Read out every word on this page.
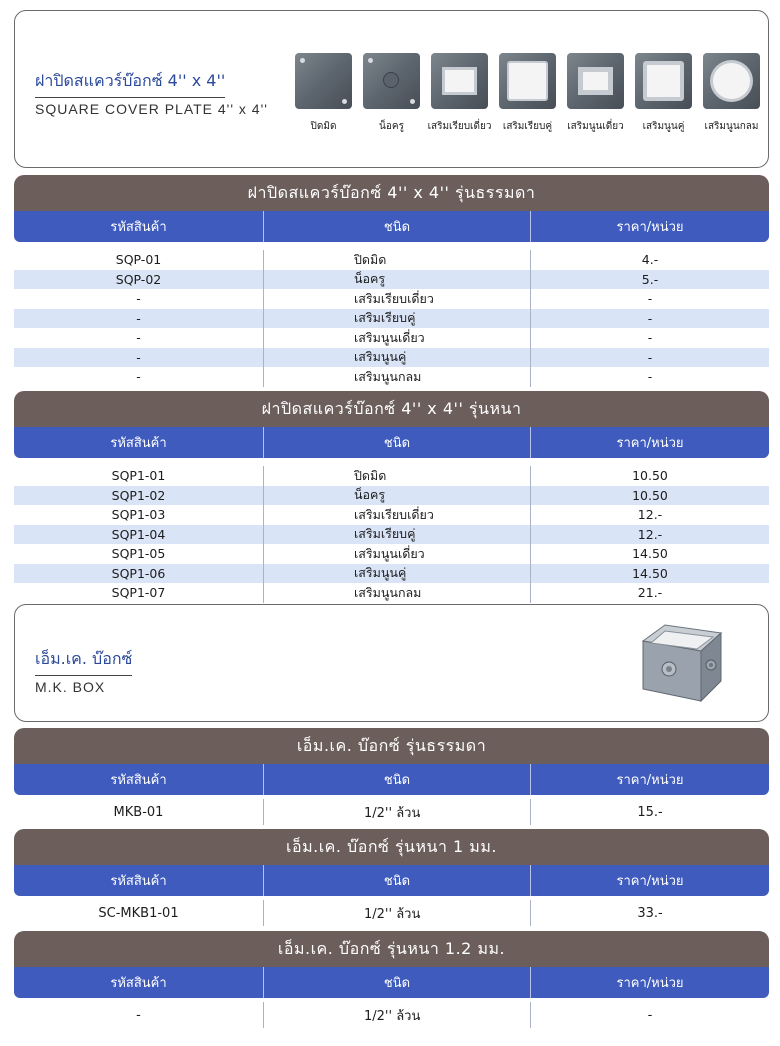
ฝาปิดสแควร์บ๊อกซ์ 4'' x 4''
SQUARE COVER PLATE 4'' x 4''
ปิดมิด	น็อครู เสริมเรียบเดี่ยว เสริมเรียบคู่ เสริมนูนเดี่ยว เสริมนูนคู่ เสริมนูนกลม
ฝาปิดสแควร์บ๊อกซ์ 4'' x 4'' รุ่นธรรมดา
รหัสสินค้า	ชนิด	ราคา/หน่วย
SQP-01	ปิดมิด	4.-
SQP-02	น็อครู	5.-
-	เสริมเรียบเดี่ยว	-
-	เสริมเรียบคู่	-
-	เสริมนูนเดี่ยว	-
-	เสริมนูนคู่	-
-	เสริมนูนกลม	-
ฝาปิดสแควร์บ๊อกซ์ 4'' x 4'' รุ่นหนา
รหัสสินค้า	ชนิด	ราคา/หน่วย
SQP1-01	ปิดมิด	10.50
SQP1-02	น็อครู	10.50
SQP1-03	เสริมเรียบเดี่ยว	12.-
SQP1-04	เสริมเรียบคู่	12.-
SQP1-05	เสริมนูนเดี่ยว	14.50
SQP1-06	เสริมนูนคู่	14.50
SQP1-07	เสริมนูนกลม	21.-
เอ็ม.เค. บ๊อกซ์
M.K. BOX
เอ็ม.เค. บ๊อกซ์ รุ่นธรรมดา
รหัสสินค้า	ชนิด	ราคา/หน่วย
MKB-01	1/2'' ล้วน	15.-
เอ็ม.เค. บ๊อกซ์ รุ่นหนา 1 มม.
รหัสสินค้า	ชนิด	ราคา/หน่วย
SC-MKB1-01	1/2'' ล้วน	33.-
เอ็ม.เค. บ๊อกซ์ รุ่นหนา 1.2 มม.
รหัสสินค้า	ชนิด	ราคา/หน่วย
-	1/2'' ล้วน	-
